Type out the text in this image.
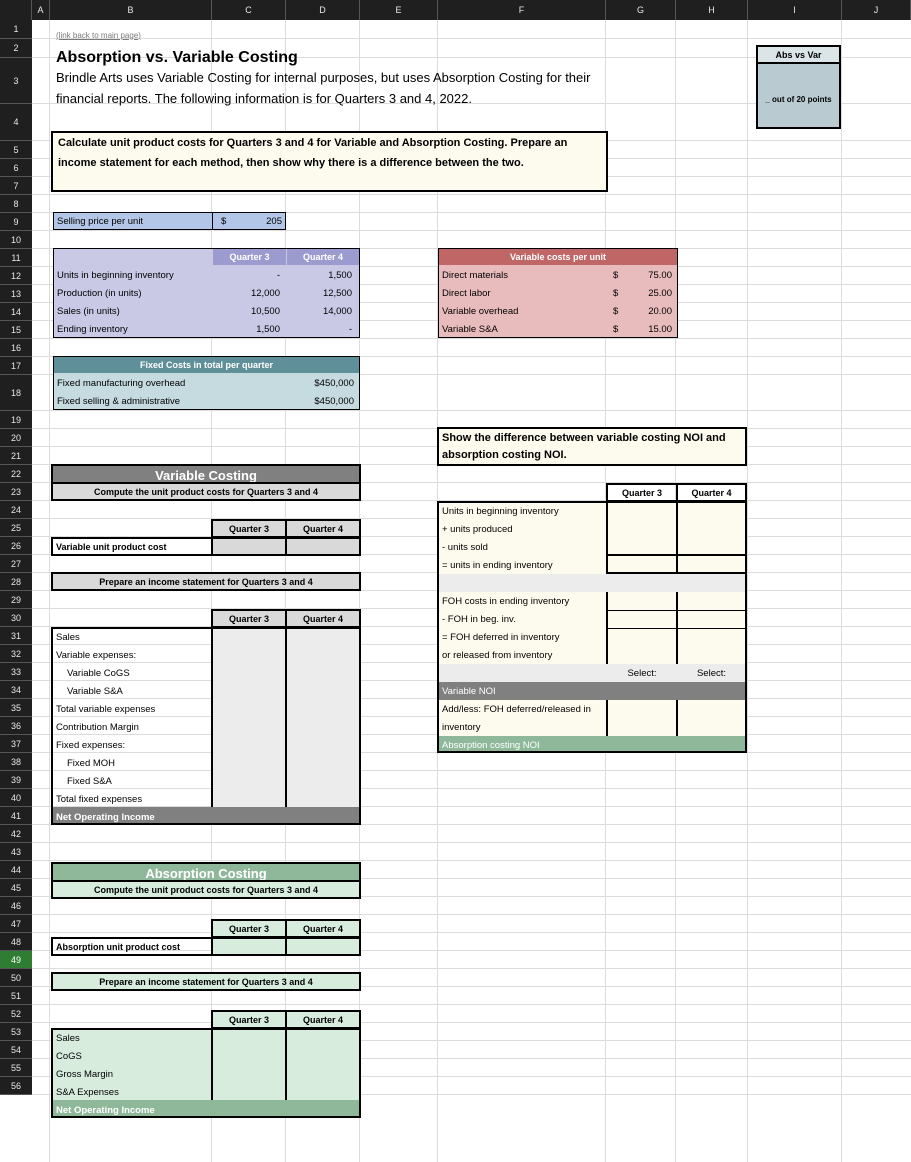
A	B	C	D	E	F	G	H	I	J
1
2
3
4
5
6
7
8
9
10
11
12
13
14
15
16
17
18
19
20
21
22
23
24
25
26
27
28
29
30
31
32
33
34
35
36
37
38
39
40
41
42
43
44
45
46
47
48
49
50
51
52
53
54
55
56
(link back to main page)
Absorption vs. Variable Costing
Brindle Arts uses Variable Costing for internal purposes, but uses Absorption Costing for their financial reports. The following information is for Quarters 3 and 4, 2022.
Calculate unit product costs for Quarters 3 and 4 for Variable and Absorption Costing. Prepare an income statement for each method, then show why there is a difference between the two.
Abs vs Var
_ out of 20 points
Selling price per unit	$	205
Quarter 3	Quarter 4
Units in beginning inventory	-	1,500
Production (in units)	12,000	12,500
Sales (in units)	10,500	14,000
Ending inventory	1,500	-
Variable costs per unit
Direct materials	$	75.00
Direct labor	$	25.00
Variable overhead	$	20.00
Variable S&A	$	15.00
Fixed Costs in total per quarter
Fixed manufacturing overhead	$450,000
Fixed selling & administrative	$450,000
Variable Costing
Compute the unit product costs for Quarters 3 and 4
Quarter 3	Quarter 4
Variable unit product cost
Prepare an income statement for Quarters 3 and 4
Quarter 3	Quarter 4
Sales
Variable expenses:
Variable CoGS
Variable S&A
Total variable expenses
Contribution Margin
Fixed expenses:
Fixed MOH
Fixed S&A
Total fixed expenses
Net Operating Income
Absorption Costing
Compute the unit product costs for Quarters 3 and 4
Quarter 3	Quarter 4
Absorption unit product cost
Prepare an income statement for Quarters 3 and 4
Quarter 3	Quarter 4
Sales
CoGS
Gross Margin
S&A Expenses
Net Operating Income
Show the difference between variable costing NOI and absorption costing NOI.
Quarter 3	Quarter 4
Units in beginning inventory
+ units produced
- units sold
= units in ending inventory
FOH costs in ending inventory
- FOH in beg. inv.
= FOH deferred in inventory
or released from inventory
Variable NOI
Add/less: FOH deferred/released in
inventory
Absorption costing NOI
Select:	Select:
